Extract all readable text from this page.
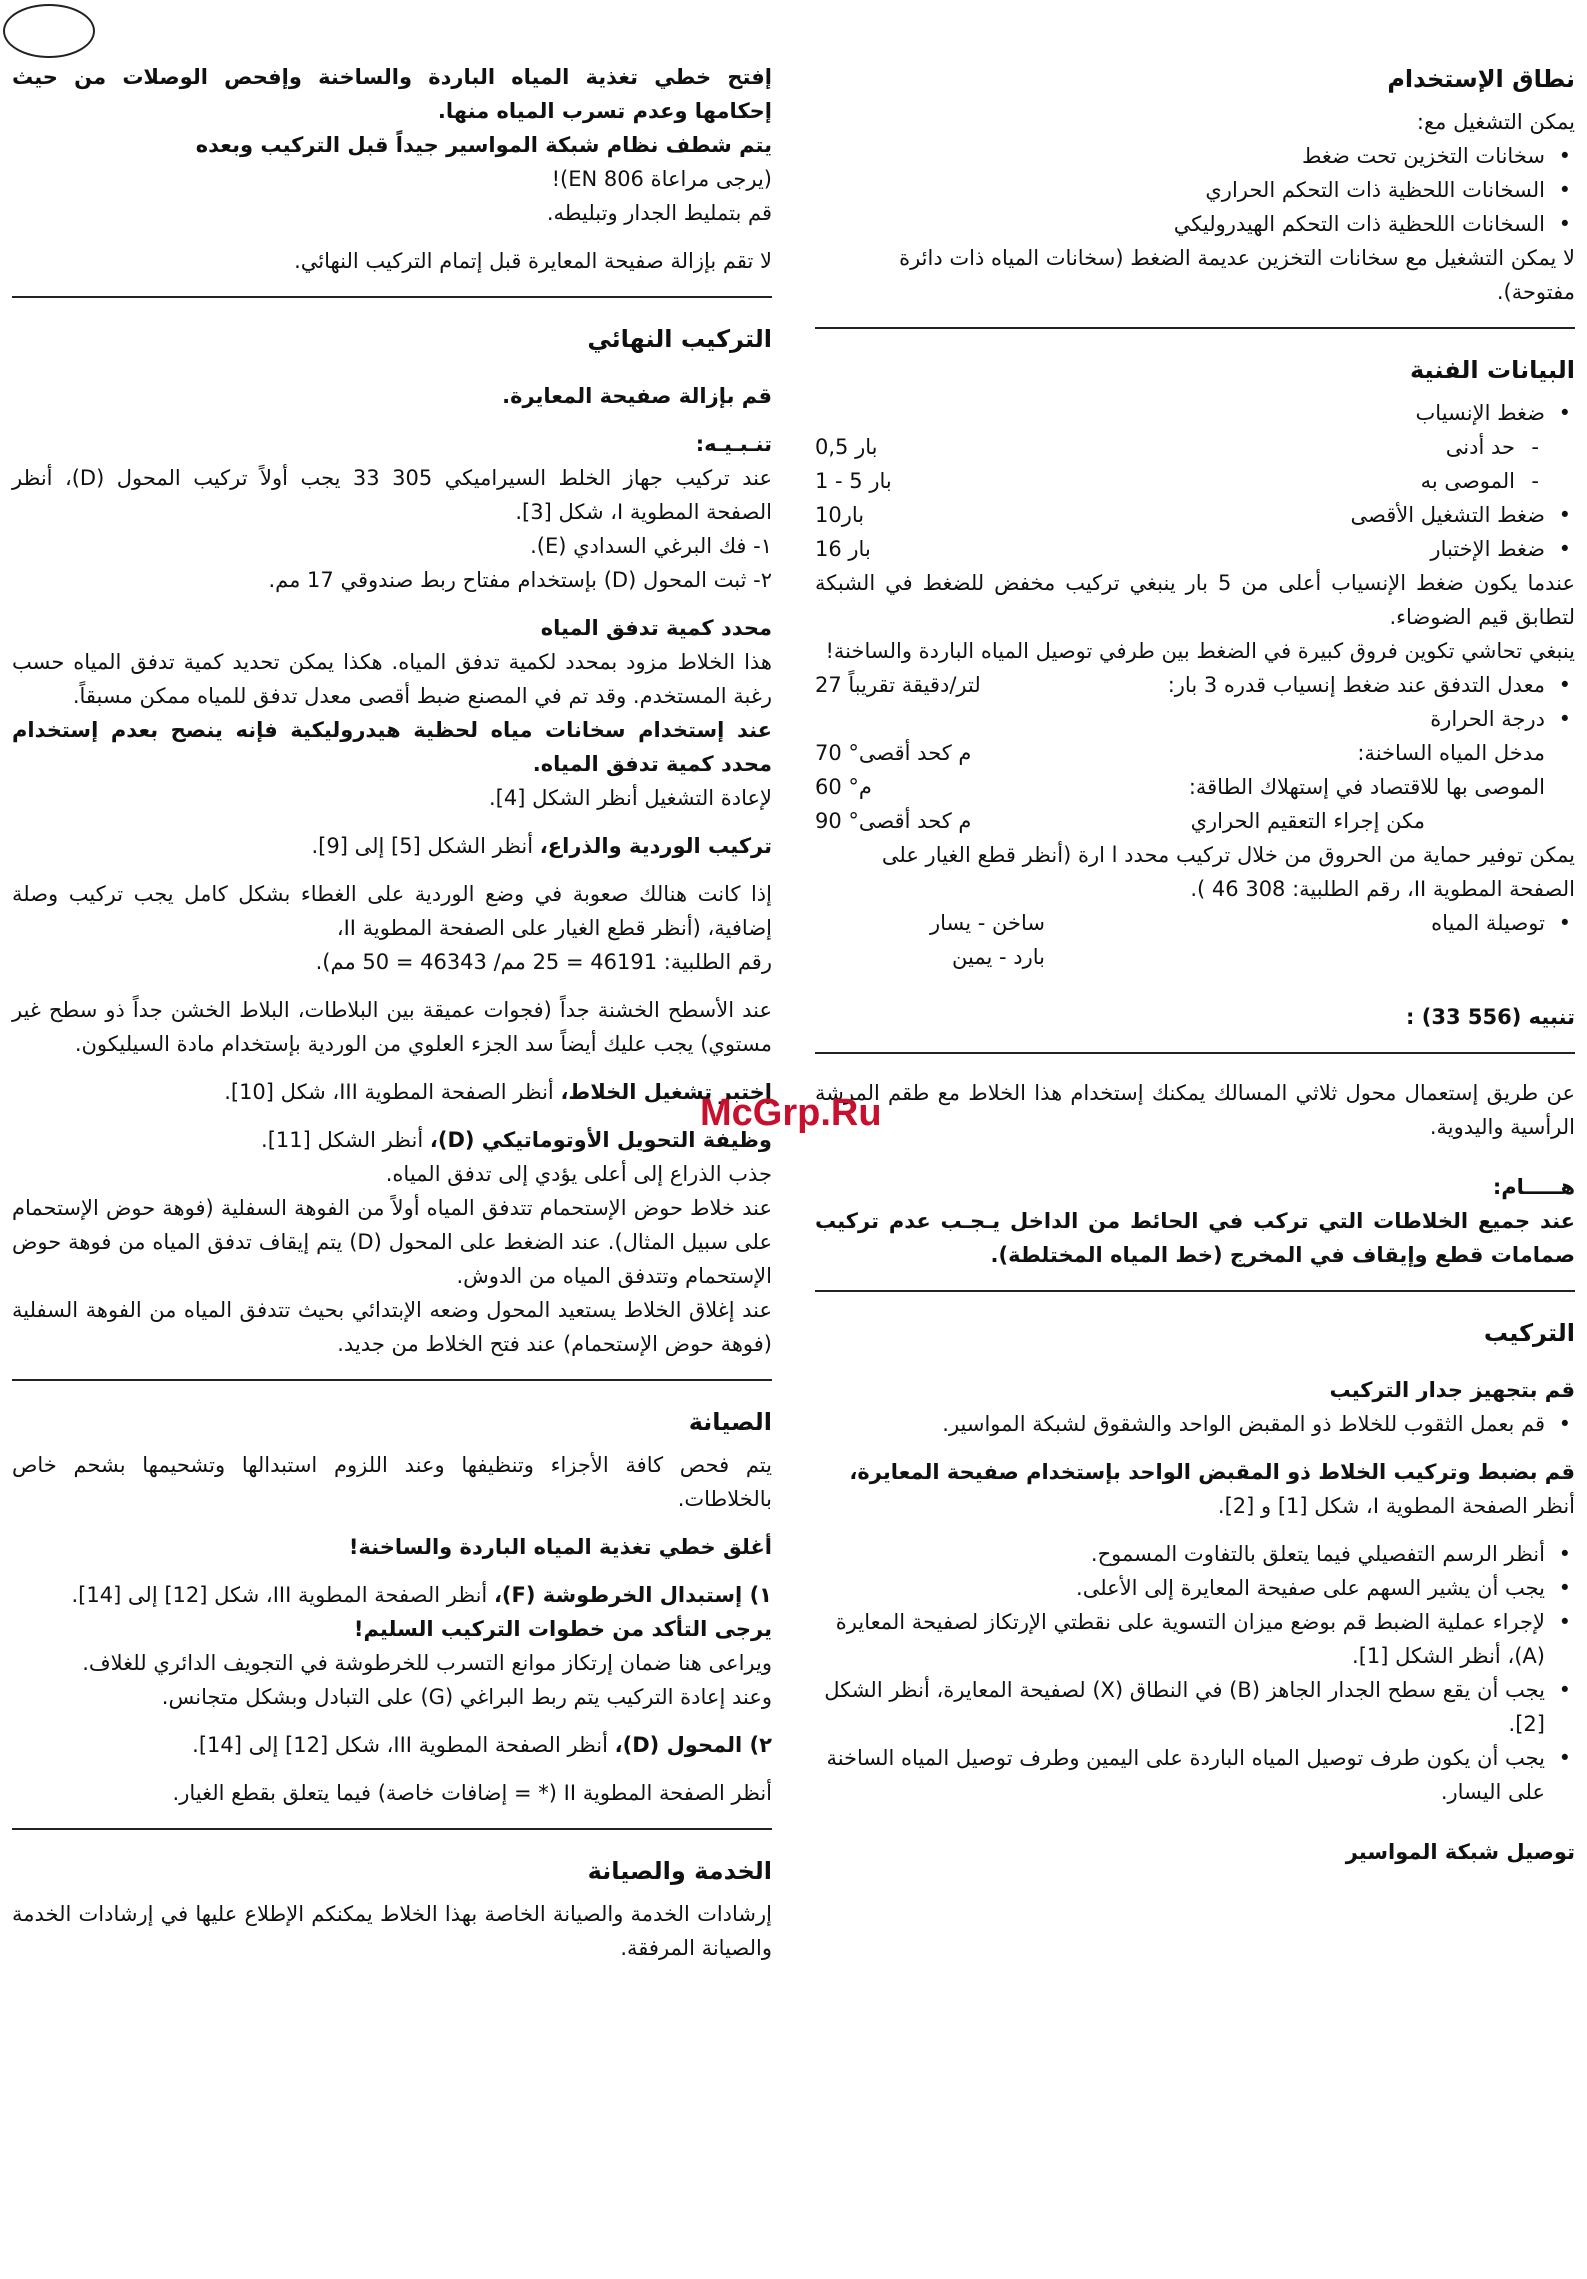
نطاق الإستخدام

يمكن التشغيل مع:

• سخانات التخزين تحت ضغط
• السخانات اللحظية ذات التحكم الحراري
• السخانات اللحظية ذات التحكم الهيدروليكي

لا يمكن التشغيل مع سخانات التخزين عديمة الضغط (سخانات المياه ذات دائرة مفتوحة).

البيانات الفنية

• ضغط الإنسياب
- حد أدنى
0,5 بار
- الموصى به
1 - 5 بار
• ضغط التشغيل الأقصى
10بار
• ضغط الإختبار
16 بار

عندما يكون ضغط الإنسياب أعلى من 5 بار ينبغي تركيب مخفض للضغط في الشبكة لتطابق قيم الضوضاء.

ينبغي تحاشي تكوين فروق كبيرة في الضغط بين طرفي توصيل المياه الباردة والساخنة!

• معدل التدفق عند ضغط إنسياب قدره 3 بار:
27 لتر/دقيقة تقريباً
• درجة الحرارة
مدخل المياه الساخنة:
70 °م كحد أقصى
الموصى بها للاقتصاد في إستهلاك الطاقة:
60 °م
مكن إجراء التعقيم الحراري
90 °م كحد أقصى

يمكن توفير حماية من الحروق من خلال تركيب محدد l ارة (أنظر قطع الغيار على الصفحة المطوية II، رقم الطلبية: 308 46 ).

• توصيلة المياه
ساخن - يسار
بارد - يمين

تنبيه (556 33) :

عن طريق إستعمال محول ثلاثي المسالك يمكنك إستخدام هذا الخلاط مع طقم المرشة الرأسية واليدوية.

هـــــام:

عند جميع الخلاطات التي تركب في الحائط من الداخل يـجـب عدم تركيب صمامات قطع وإيقاف في المخرج (خط المياه المختلطة).

التركيب

قم بتجهيز جدار التركيب

• قم بعمل الثقوب للخلاط ذو المقبض الواحد والشقوق لشبكة المواسير.

قم بضبط وتركيب الخلاط ذو المقبض الواحد بإستخدام صفيحة المعايرة،

أنظر الصفحة المطوية I، شكل [1] و [2].

• أنظر الرسم التفصيلي فيما يتعلق بالتفاوت المسموح.
• يجب أن يشير السهم على صفيحة المعايرة إلى الأعلى.
• لإجراء عملية الضبط قم بوضع ميزان التسوية على نقطتي الإرتكاز لصفيحة المعايرة (A)، أنظر الشكل [1].
• يجب أن يقع سطح الجدار الجاهز (B) في النطاق (X) لصفيحة المعايرة، أنظر الشكل [2].
• يجب أن يكون طرف توصيل المياه الباردة على اليمين وطرف توصيل المياه الساخنة على اليسار.

توصيل شبكة المواسير

إفتح خطي تغذية المياه الباردة والساخنة وإفحص الوصلات من حيث إحكامها وعدم تسرب المياه منها.

يتم شطف نظام شبكة المواسير جيداً قبل التركيب وبعده

(يرجى مراعاة EN 806)!

قم بتمليط الجدار وتبليطه.

لا تقم بإزالة صفيحة المعايرة قبل إتمام التركيب النهائي.

التركيب النهائي

قم بإزالة صفيحة المعايرة.

تنـبـيـه:

عند تركيب جهاز الخلط السيراميكي 305 33 يجب أولاً تركيب المحول (D)، أنظر الصفحة المطوية I، شكل [3].

١- فك البرغي السدادي (E).

٢- ثبت المحول (D) بإستخدام مفتاح ربط صندوقي 17 مم.

محدد كمية تدفق المياه

هذا الخلاط مزود بمحدد لكمية تدفق المياه. هكذا يمكن تحديد كمية تدفق المياه حسب رغبة المستخدم. وقد تم في المصنع ضبط أقصى معدل تدفق للمياه ممكن مسبقاً.

عند إستخدام سخانات مياه لحظية هيدروليكية فإنه ينصح بعدم إستخدام محدد كمية تدفق المياه.

لإعادة التشغيل أنظر الشكل [4].

تركيب الوردية والذراع، أنظر الشكل [5] إلى [9].

إذا كانت هنالك صعوبة في وضع الوردية على الغطاء بشكل كامل يجب تركيب وصلة إضافية، (أنظر قطع الغيار على الصفحة المطوية II،

رقم الطلبية: 46191 = 25 مم/ 46343 = 50 مم).

عند الأسطح الخشنة جداً (فجوات عميقة بين البلاطات، البلاط الخشن جداً ذو سطح غير مستوي) يجب عليك أيضاً سد الجزء العلوي من الوردية بإستخدام مادة السيليكون.

إختبر تشغيل الخلاط، أنظر الصفحة المطوية III، شكل [10].

وظيفة التحويل الأوتوماتيكي (D)، أنظر الشكل [11].

جذب الذراع إلى أعلى يؤدي إلى تدفق المياه.

عند خلاط حوض الإستحمام تتدفق المياه أولاً من الفوهة السفلية (فوهة حوض الإستحمام على سبيل المثال). عند الضغط على المحول (D) يتم إيقاف تدفق المياه من فوهة حوض الإستحمام وتتدفق المياه من الدوش.

عند إغلاق الخلاط يستعيد المحول وضعه الإبتدائي بحيث تتدفق المياه من الفوهة السفلية (فوهة حوض الإستحمام) عند فتح الخلاط من جديد.

الصيانة

يتم فحص كافة الأجزاء وتنظيفها وعند اللزوم استبدالها وتشحيمها بشحم خاص بالخلاطات.

أغلق خطي تغذية المياه الباردة والساخنة!

١) إستبدال الخرطوشة (F)، أنظر الصفحة المطوية III، شكل [12] إلى [14].

يرجى التأكد من خطوات التركيب السليم!

ويراعى هنا ضمان إرتكاز موانع التسرب للخرطوشة في التجويف الدائري للغلاف.

وعند إعادة التركيب يتم ربط البراغي (G) على التبادل وبشكل متجانس.

٢) المحول (D)، أنظر الصفحة المطوية III، شكل [12] إلى [14].

أنظر الصفحة المطوية II (* = إضافات خاصة) فيما يتعلق بقطع الغيار.

الخدمة والصيانة

إرشادات الخدمة والصيانة الخاصة بهذا الخلاط يمكنكم الإطلاع عليها في إرشادات الخدمة والصيانة المرفقة.

McGrp.Ru
